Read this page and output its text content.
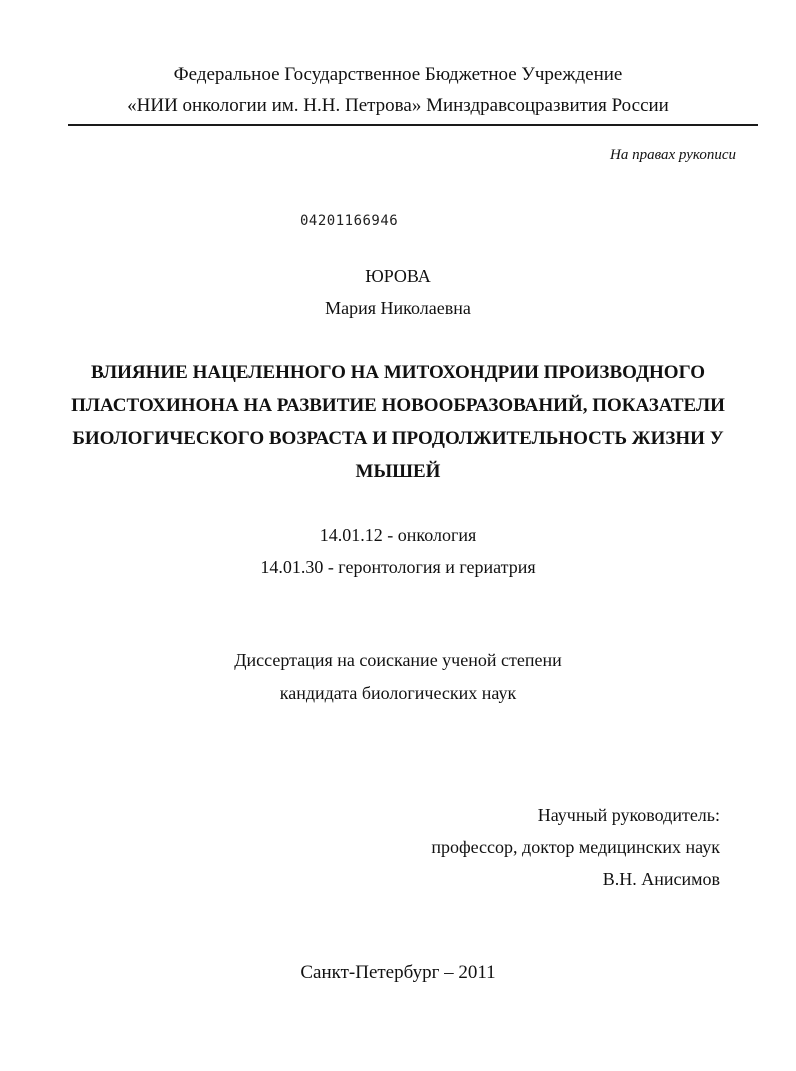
Федеральное Государственное Бюджетное Учреждение
«НИИ онкологии им. Н.Н. Петрова» Минздравсоцразвития России
На правах рукописи
04201166946
ЮРОВА
Мария Николаевна
ВЛИЯНИЕ НАЦЕЛЕННОГО НА МИТОХОНДРИИ ПРОИЗВОДНОГО
ПЛАСТОХИНОНА НА РАЗВИТИЕ НОВООБРАЗОВАНИЙ, ПОКАЗАТЕЛИ
БИОЛОГИЧЕСКОГО ВОЗРАСТА И ПРОДОЛЖИТЕЛЬНОСТЬ ЖИЗНИ У
МЫШЕЙ
14.01.12 - онкология
14.01.30 - геронтология и гериатрия
Диссертация на соискание ученой степени
кандидата биологических наук
Научный руководитель:
профессор, доктор медицинских наук
В.Н. Анисимов
Санкт-Петербург – 2011
